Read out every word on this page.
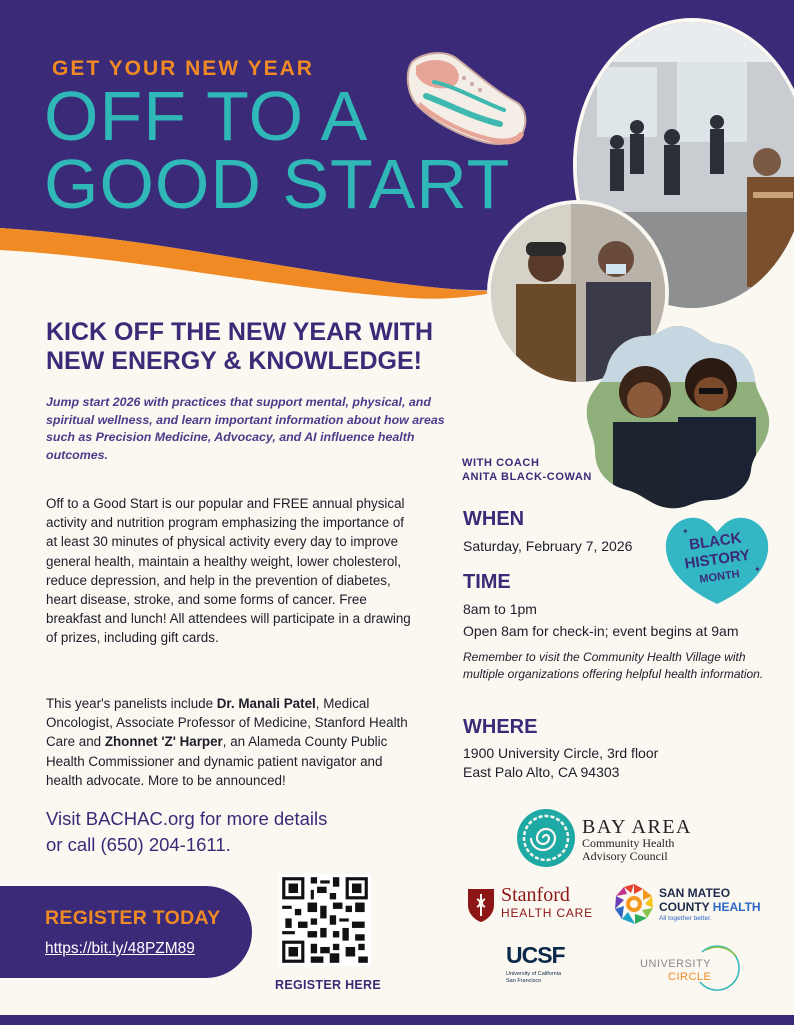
GET YOUR NEW YEAR
OFF TO A
GOOD START
WITH COACH
ANITA BLACK-COWAN
BLACK
HISTORY
MONTH
✦
✦
KICK OFF THE NEW YEAR WITH
NEW ENERGY & KNOWLEDGE!
Jump start 2026 with practices that support mental, physical, and spiritual wellness, and learn important information about how areas such as Precision Medicine, Advocacy, and AI influence health outcomes.
Off to a Good Start is our popular and FREE annual physical activity and nutrition program emphasizing the importance of at least 30 minutes of physical activity every day to improve general health, maintain a healthy weight, lower cholesterol, reduce depression, and help in the prevention of diabetes, heart disease, stroke, and some forms of cancer. Free breakfast and lunch! All attendees will participate in a drawing of prizes, including gift cards.
This year's panelists include Dr. Manali Patel, Medical Oncologist, Associate Professor of Medicine, Stanford Health Care and Zhonnet 'Z' Harper, an Alameda County Public Health Commissioner and dynamic patient navigator and health advocate. More to be announced!
Visit BACHAC.org for more details
or call (650) 204-1611.
WHEN
Saturday, February 7, 2026
TIME
8am to 1pm
Open 8am for check-in; event begins at 9am
Remember to visit the Community Health Village with multiple organizations offering helpful health information.
WHERE
1900 University Circle, 3rd floor
East Palo Alto, CA 94303
REGISTER TODAY
https://bit.ly/48PZM89
REGISTER HERE
BAY AREA
Community Health
Advisory Council
Stanford
HEALTH CARE
SAN MATEO
COUNTY HEALTH
All together better.
UCSF
University of California
San Francisco
UNIVERSITY
CIRCLE
